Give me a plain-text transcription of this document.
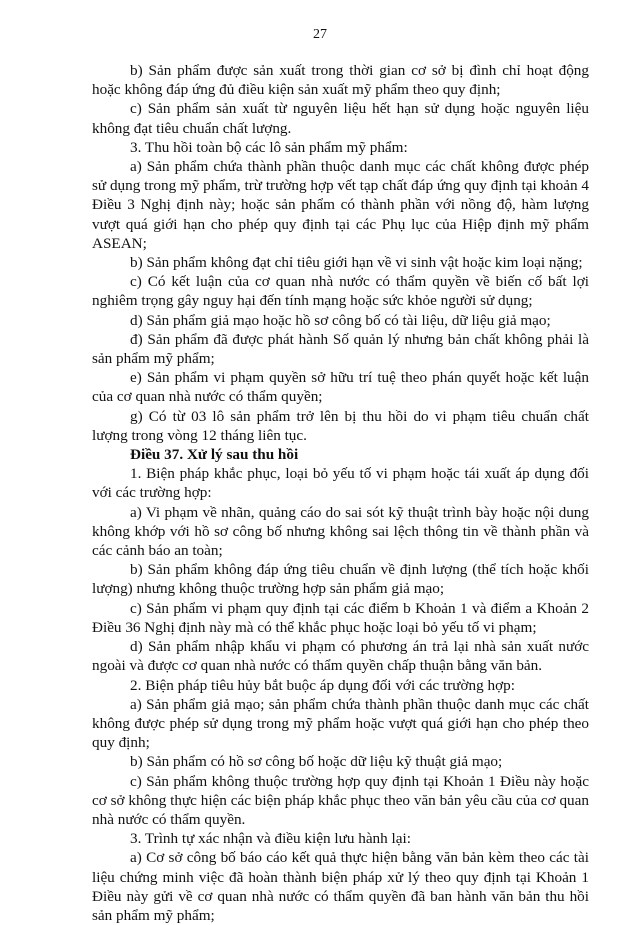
27

b) Sản phẩm được sản xuất trong thời gian cơ sở bị đình chỉ hoạt động hoặc không đáp ứng đủ điều kiện sản xuất mỹ phẩm theo quy định;

c) Sản phẩm sản xuất từ nguyên liệu hết hạn sử dụng hoặc nguyên liệu không đạt tiêu chuẩn chất lượng.

3. Thu hồi toàn bộ các lô sản phẩm mỹ phẩm:

a) Sản phẩm chứa thành phần thuộc danh mục các chất không được phép sử dụng trong mỹ phẩm, trừ trường hợp vết tạp chất đáp ứng quy định tại khoản 4 Điều 3 Nghị định này; hoặc sản phẩm có thành phần với nồng độ, hàm lượng vượt quá giới hạn cho phép quy định tại các Phụ lục của Hiệp định mỹ phẩm ASEAN;

b) Sản phẩm không đạt chỉ tiêu giới hạn về vi sinh vật hoặc kim loại nặng;

c) Có kết luận của cơ quan nhà nước có thẩm quyền về biến cố bất lợi nghiêm trọng gây nguy hại đến tính mạng hoặc sức khỏe người sử dụng;

d) Sản phẩm giả mạo hoặc hồ sơ công bố có tài liệu, dữ liệu giả mạo;

đ) Sản phẩm đã được phát hành Số quản lý nhưng bản chất không phải là sản phẩm mỹ phẩm;

e) Sản phẩm vi phạm quyền sở hữu trí tuệ theo phán quyết hoặc kết luận của cơ quan nhà nước có thẩm quyền;

g) Có từ 03 lô sản phẩm trở lên bị thu hồi do vi phạm tiêu chuẩn chất lượng trong vòng 12 tháng liên tục.

Điều 37. Xử lý sau thu hồi

1. Biện pháp khắc phục, loại bỏ yếu tố vi phạm hoặc tái xuất áp dụng đối với các trường hợp:

a) Vi phạm về nhãn, quảng cáo do sai sót kỹ thuật trình bày hoặc nội dung không khớp với hồ sơ công bố nhưng không sai lệch thông tin về thành phần và các cảnh báo an toàn;

b) Sản phẩm không đáp ứng tiêu chuẩn về định lượng (thể tích hoặc khối lượng) nhưng không thuộc trường hợp sản phẩm giả mạo;

c) Sản phẩm vi phạm quy định tại các điểm b Khoản 1 và điểm a Khoản 2 Điều 36 Nghị định này mà có thể khắc phục hoặc loại bỏ yếu tố vi phạm;

d) Sản phẩm nhập khẩu vi phạm có phương án trả lại nhà sản xuất nước ngoài và được cơ quan nhà nước có thẩm quyền chấp thuận bằng văn bản.

2. Biện pháp tiêu hủy bắt buộc áp dụng đối với các trường hợp:

a) Sản phẩm giả mạo; sản phẩm chứa thành phần thuộc danh mục các chất không được phép sử dụng trong mỹ phẩm hoặc vượt quá giới hạn cho phép theo quy định;

b) Sản phẩm có hồ sơ công bố hoặc dữ liệu kỹ thuật giả mạo;

c) Sản phẩm không thuộc trường hợp quy định tại Khoản 1 Điều này hoặc cơ sở không thực hiện các biện pháp khắc phục theo văn bản yêu cầu của cơ quan nhà nước có thẩm quyền.

3. Trình tự xác nhận và điều kiện lưu hành lại:

a) Cơ sở công bố báo cáo kết quả thực hiện bằng văn bản kèm theo các tài liệu chứng minh việc đã hoàn thành biện pháp xử lý theo quy định tại Khoản 1 Điều này gửi về cơ quan nhà nước có thẩm quyền đã ban hành văn bản thu hồi sản phẩm mỹ phẩm;
